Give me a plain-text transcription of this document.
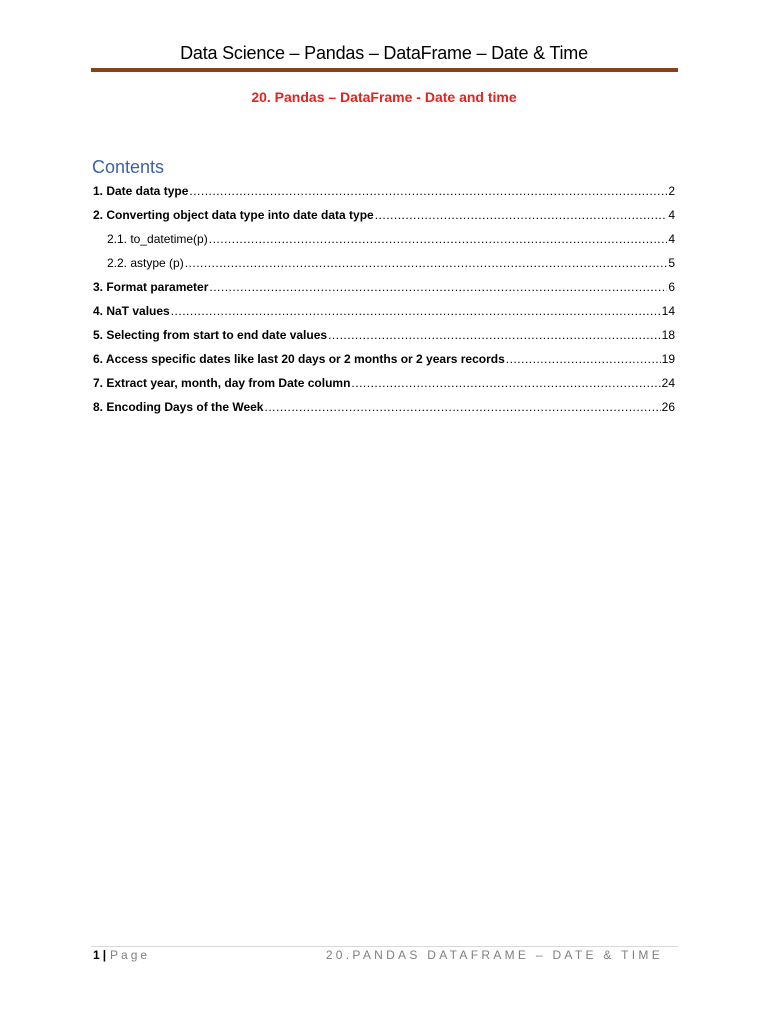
Data Science – Pandas – DataFrame – Date & Time
20. Pandas – DataFrame - Date and time
Contents
1. Date data type .....	2
2. Converting object data type into date data type .....	4
2.1. to_datetime(p) .....	4
2.2. astype (p) .....	5
3. Format parameter .....	6
4. NaT values .....	14
5. Selecting from start to end date values .....	18
6. Access specific dates like last 20 days or 2 months or 2 years records .....	19
7. Extract year, month, day from Date column .....	24
8. Encoding Days of the Week .....	26
1 | Page	20.PANDAS DATAFRAME – DATE & TIME
